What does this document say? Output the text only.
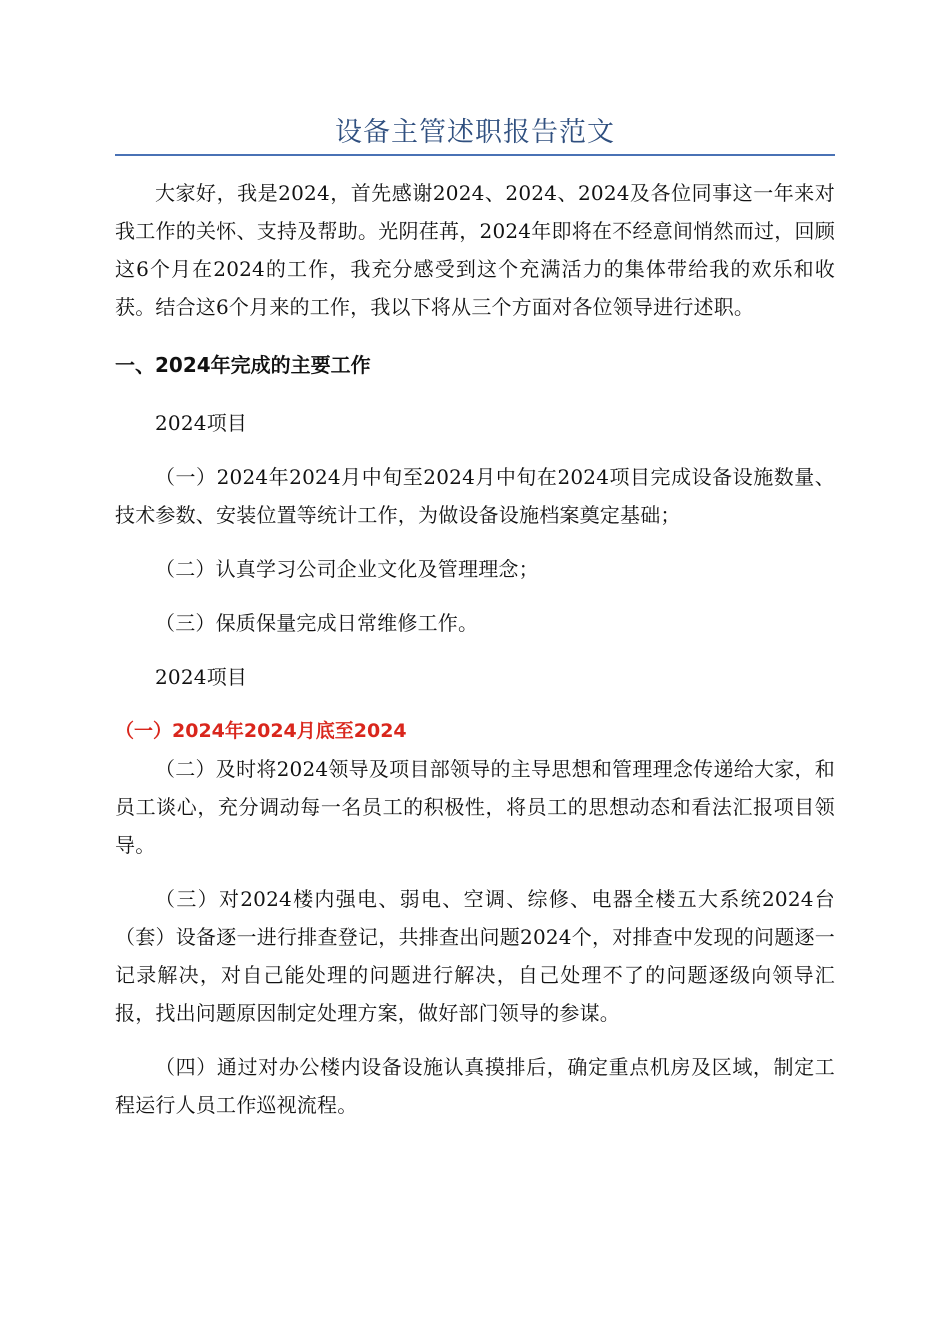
设备主管述职报告范文

大家好，我是2024，首先感谢2024、2024、2024及各位同事这一年来对我工作的关怀、支持及帮助。光阴荏苒，2024年即将在不经意间悄然而过，回顾这6个月在2024的工作，我充分感受到这个充满活力的集体带给我的欢乐和收获。结合这6个月来的工作，我以下将从三个方面对各位领导进行述职。

一、2024年完成的主要工作

2024项目

（一）2024年2024月中旬至2024月中旬在2024项目完成设备设施数量、技术参数、安装位置等统计工作，为做设备设施档案奠定基础；

（二）认真学习公司企业文化及管理理念；

（三）保质保量完成日常维修工作。

2024项目

（一）2024年2024月底至2024

（二）及时将2024领导及项目部领导的主导思想和管理理念传递给大家，和员工谈心，充分调动每一名员工的积极性，将员工的思想动态和看法汇报项目领导。

（三）对2024楼内强电、弱电、空调、综修、电器全楼五大系统2024台（套）设备逐一进行排查登记，共排查出问题2024个，对排查中发现的问题逐一记录解决，对自己能处理的问题进行解决，自己处理不了的问题逐级向领导汇报，找出问题原因制定处理方案，做好部门领导的参谋。

（四）通过对办公楼内设备设施认真摸排后，确定重点机房及区域，制定工程运行人员工作巡视流程。
